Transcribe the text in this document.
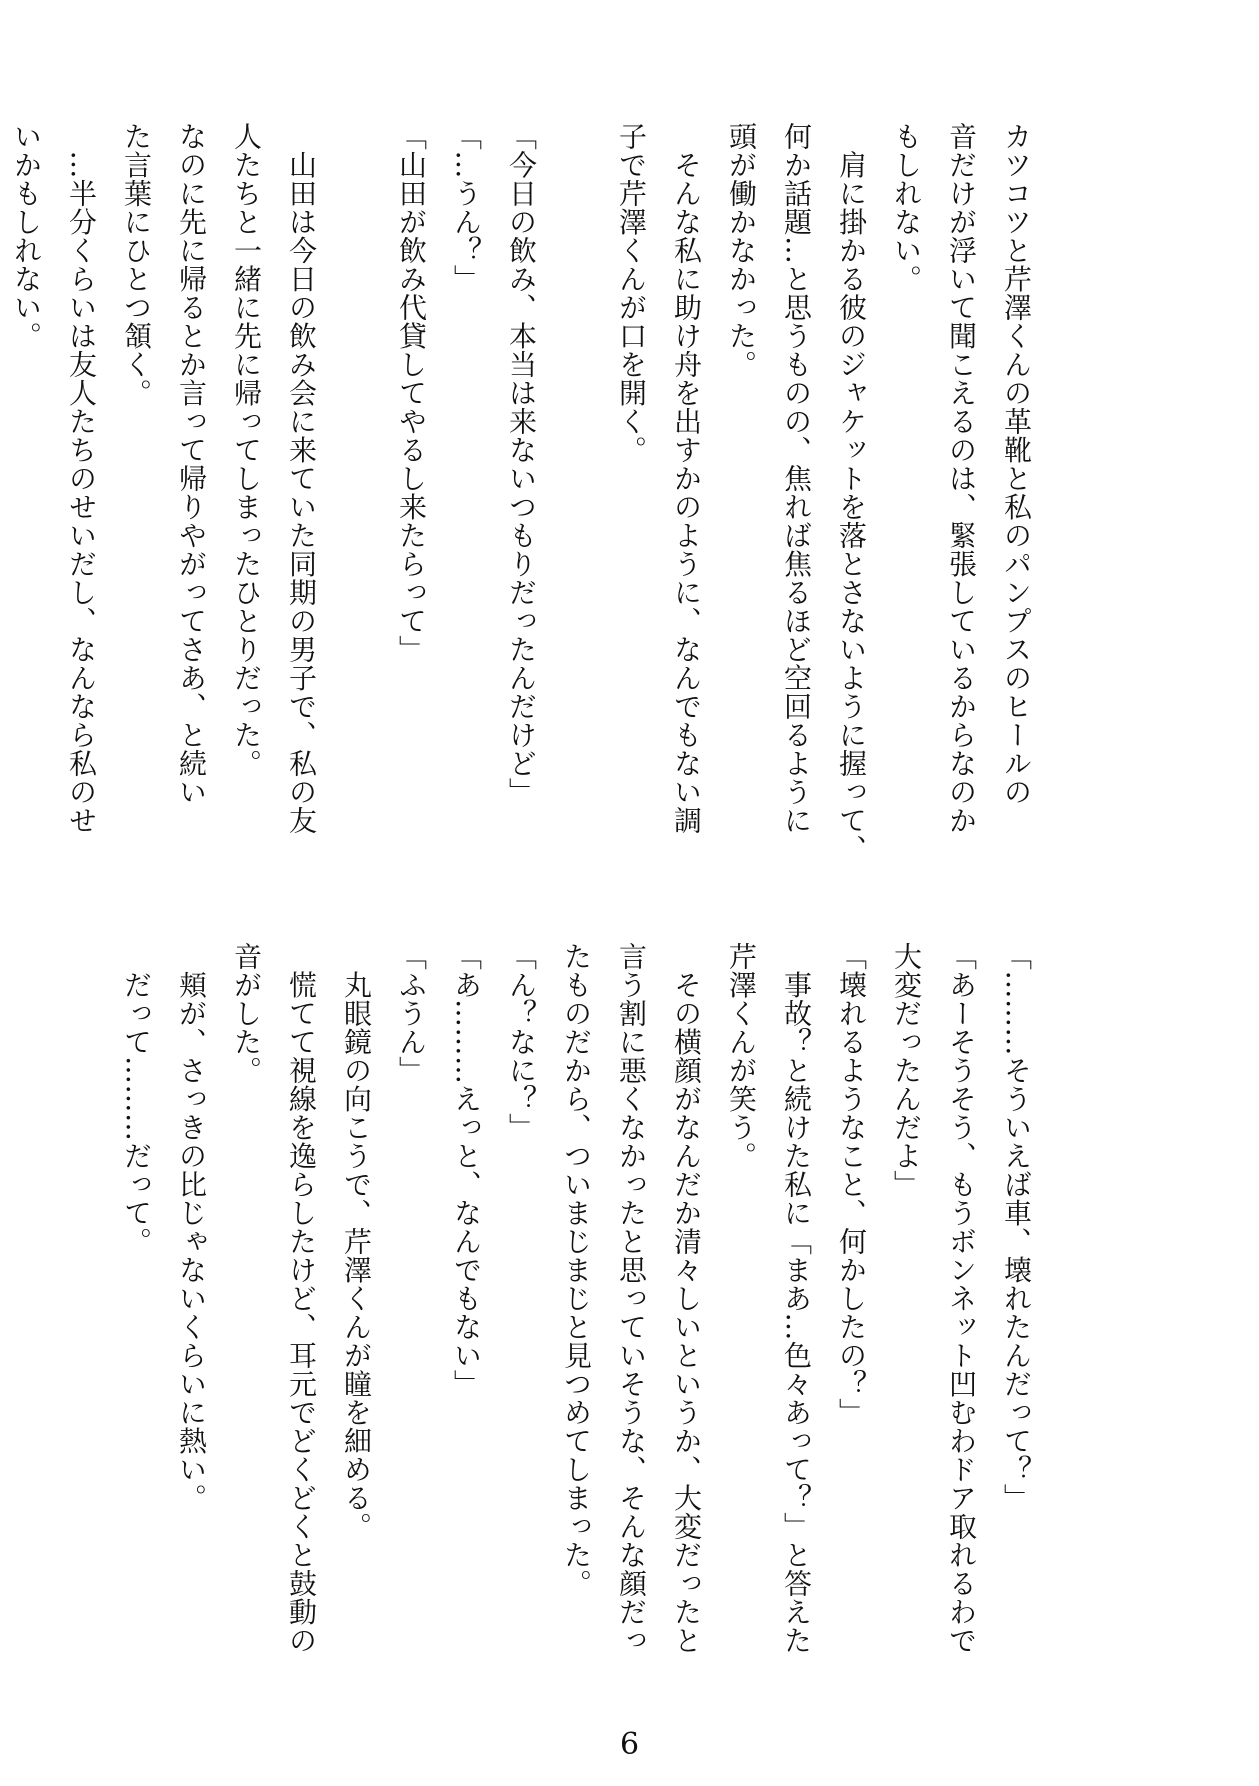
カツコツと芹澤くんの革靴と私のパンプスのヒールの
音だけが浮いて聞こえるのは、緊張しているからなのか
もしれない。
　肩に掛かる彼のジャケットを落とさないように握って、
何か話題…と思うものの、焦れば焦るほど空回るように
頭が働かなかった。
　そんな私に助け舟を出すかのように、なんでもない調
子で芹澤くんが口を開く。
「今日の飲み、本当は来ないつもりだったんだけど」
「…うん？」
「山田が飲み代貸してやるし来たらって」
　山田は今日の飲み会に来ていた同期の男子で、私の友
人たちと一緒に先に帰ってしまったひとりだった。
なのに先に帰るとか言って帰りやがってさあ、と続い
た言葉にひとつ頷く。
　…半分くらいは友人たちのせいだし、なんなら私のせ
いかもしれない。
「………そういえば車、壊れたんだって？」
「あーそうそう、もうボンネット凹むわドア取れるわで
大変だったんだよ」
「壊れるようなこと、何かしたの？」
　事故？と続けた私に「まあ…色々あって？」と答えた
芹澤くんが笑う。
　その横顔がなんだか清々しいというか、大変だったと
言う割に悪くなかったと思っていそうな、そんな顔だっ
たものだから、ついまじまじと見つめてしまった。
「ん？なに？」
「あ………えっと、なんでもない」
「ふうん」
　丸眼鏡の向こうで、芹澤くんが瞳を細める。
　慌てて視線を逸らしたけど、耳元でどくどくと鼓動の
音がした。
　頬が、さっきの比じゃないくらいに熱い。
　だって………だって。
6
